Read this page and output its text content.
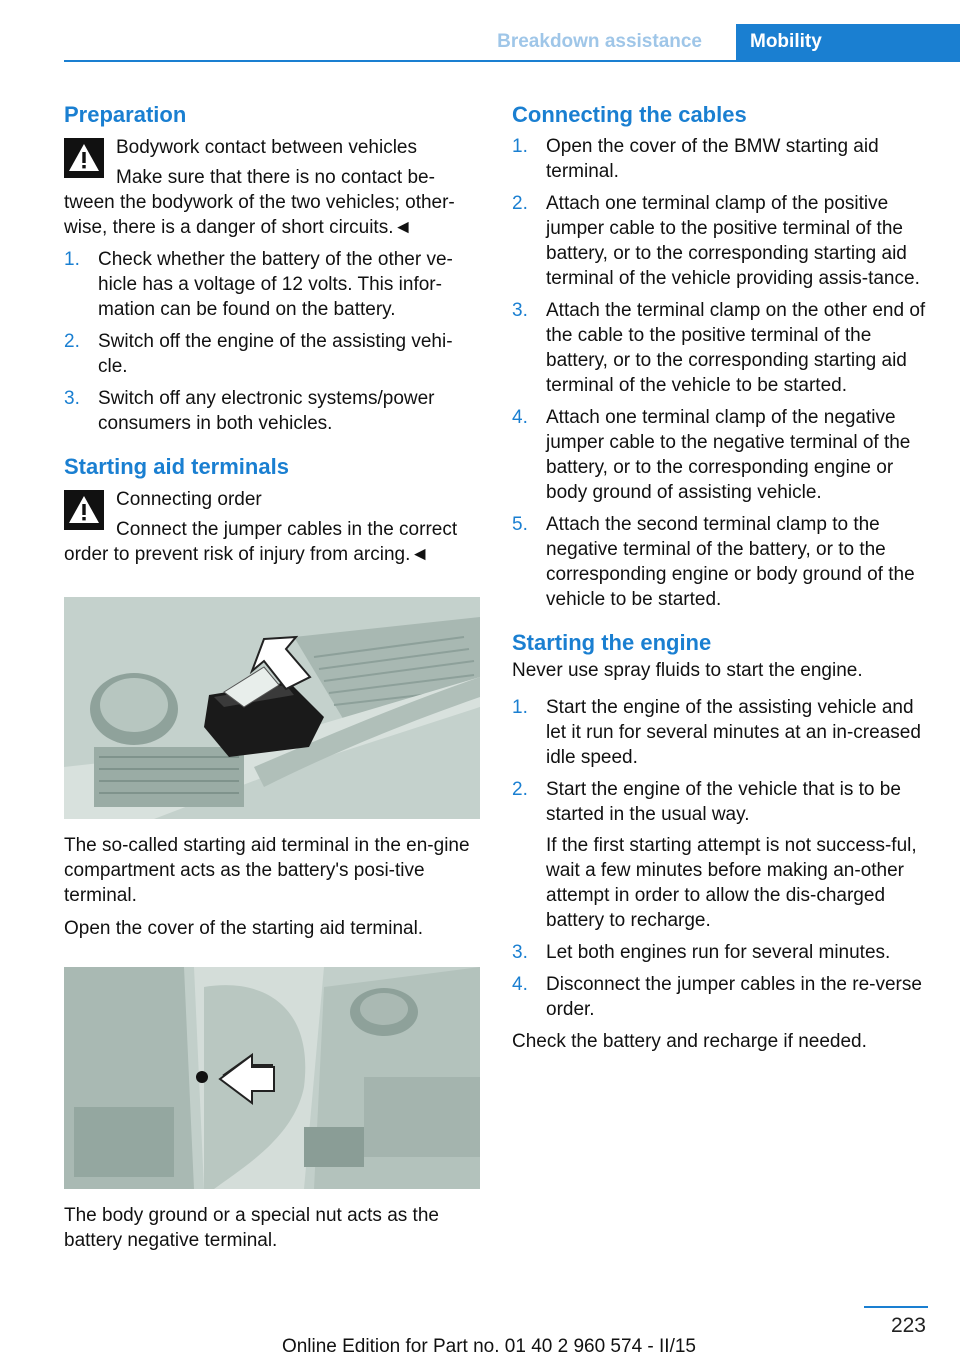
Breakdown assistance	Mobility
Preparation

Bodywork contact between vehicles

Make sure that there is no contact be‐tween the bodywork of the two vehicles; other‐wise, there is a danger of short circuits.◄

1. Check whether the battery of the other ve‐hicle has a voltage of 12 volts. This infor‐mation can be found on the battery.
2. Switch off the engine of the assisting vehi‐cle.
3. Switch off any electronic systems/power consumers in both vehicles.
Starting aid terminals

Connecting order

Connect the jumper cables in the correct order to prevent risk of injury from arcing.◄

The so-called starting aid terminal in the en‐gine compartment acts as the battery's posi‐tive terminal.

Open the cover of the starting aid terminal.

The body ground or a special nut acts as the battery negative terminal.

Connecting the cables
1. Open the cover of the BMW starting aid terminal.
2. Attach one terminal clamp of the positive jumper cable to the positive terminal of the battery, or to the corresponding starting aid terminal of the vehicle providing assis‐tance.
3. Attach the terminal clamp on the other end of the cable to the positive terminal of the battery, or to the corresponding starting aid terminal of the vehicle to be started.
4. Attach one terminal clamp of the negative jumper cable to the negative terminal of the battery, or to the corresponding engine or body ground of assisting vehicle.
5. Attach the second terminal clamp to the negative terminal of the battery, or to the corresponding engine or body ground of the vehicle to be started.
Starting the engine

Never use spray fluids to start the engine.

1. Start the engine of the assisting vehicle and let it run for several minutes at an in‐creased idle speed.
2. Start the engine of the vehicle that is to be started in the usual way.
If the first starting attempt is not success‐ful, wait a few minutes before making an‐other attempt in order to allow the dis‐charged battery to recharge.
3. Let both engines run for several minutes.
4. Disconnect the jumper cables in the re‐verse order.

Check the battery and recharge if needed.

223
Online Edition for Part no. 01 40 2 960 574 - II/15
